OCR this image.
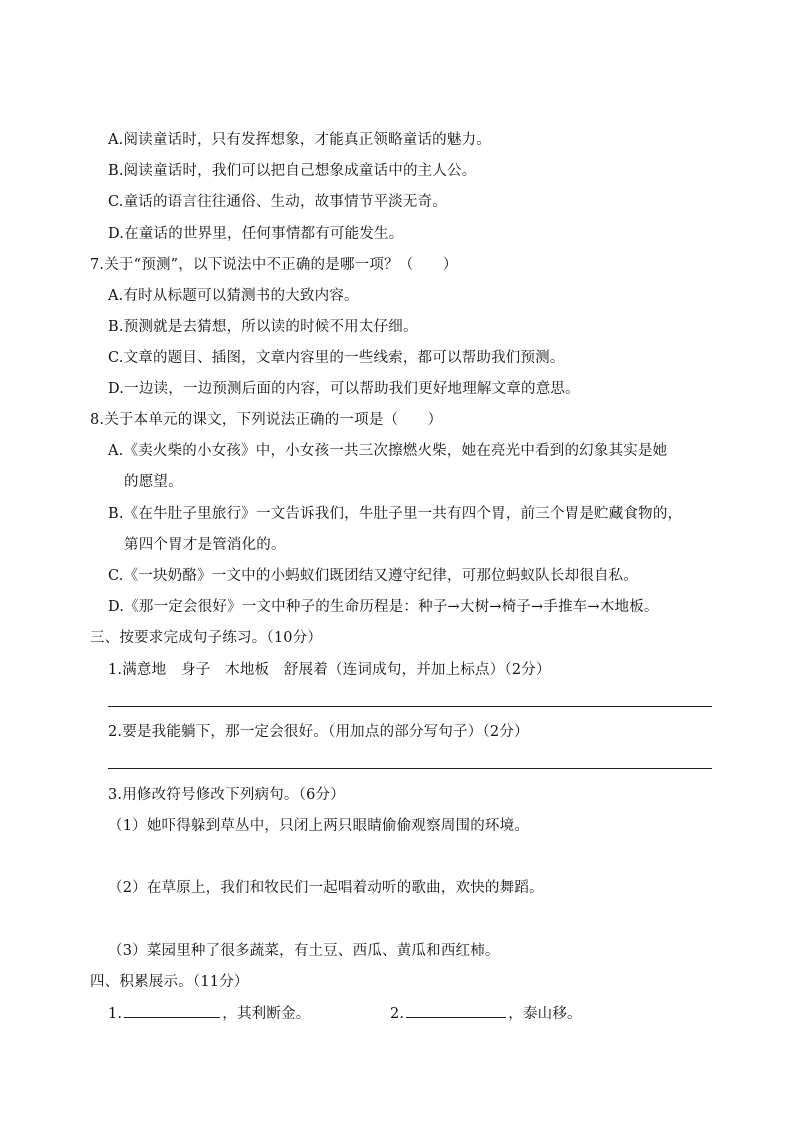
A.阅读童话时，只有发挥想象，才能真正领略童话的魅力。
B.阅读童话时，我们可以把自己想象成童话中的主人公。
C.童话的语言往往通俗、生动，故事情节平淡无奇。
D.在童话的世界里，任何事情都有可能发生。
7.关于“预测”，以下说法中不正确的是哪一项？（　　）
A.有时从标题可以猜测书的大致内容。
B.预测就是去猜想，所以读的时候不用太仔细。
C.文章的题目、插图，文章内容里的一些线索，都可以帮助我们预测。
D.一边读，一边预测后面的内容，可以帮助我们更好地理解文章的意思。
8.关于本单元的课文，下列说法正确的一项是（　　）
A.《卖火柴的小女孩》中，小女孩一共三次擦燃火柴，她在亮光中看到的幻象其实是她
的愿望。
B.《在牛肚子里旅行》一文告诉我们，牛肚子里一共有四个胃，前三个胃是贮藏食物的，
第四个胃才是管消化的。
C.《一块奶酪》一文中的小蚂蚁们既团结又遵守纪律，可那位蚂蚁队长却很自私。
D.《那一定会很好》一文中种子的生命历程是：种子→大树→椅子→手推车→木地板。
三、按要求完成句子练习。（10分）
1.满意地　身子　木地板　舒展着（连词成句，并加上标点）（2分）
2.要是我能躺下，那一定会很好。（用加点的部分写句子）（2分）
3.用修改符号修改下列病句。（6分）
（1）她吓得躲到草丛中，只闭上两只眼睛偷偷观察周围的环境。
（2）在草原上，我们和牧民们一起唱着动听的歌曲，欢快的舞蹈。
（3）菜园里种了很多蔬菜，有土豆、西瓜、黄瓜和西红柿。
四、积累展示。（11分）
1.	，其利断金。	2.	，泰山移。
